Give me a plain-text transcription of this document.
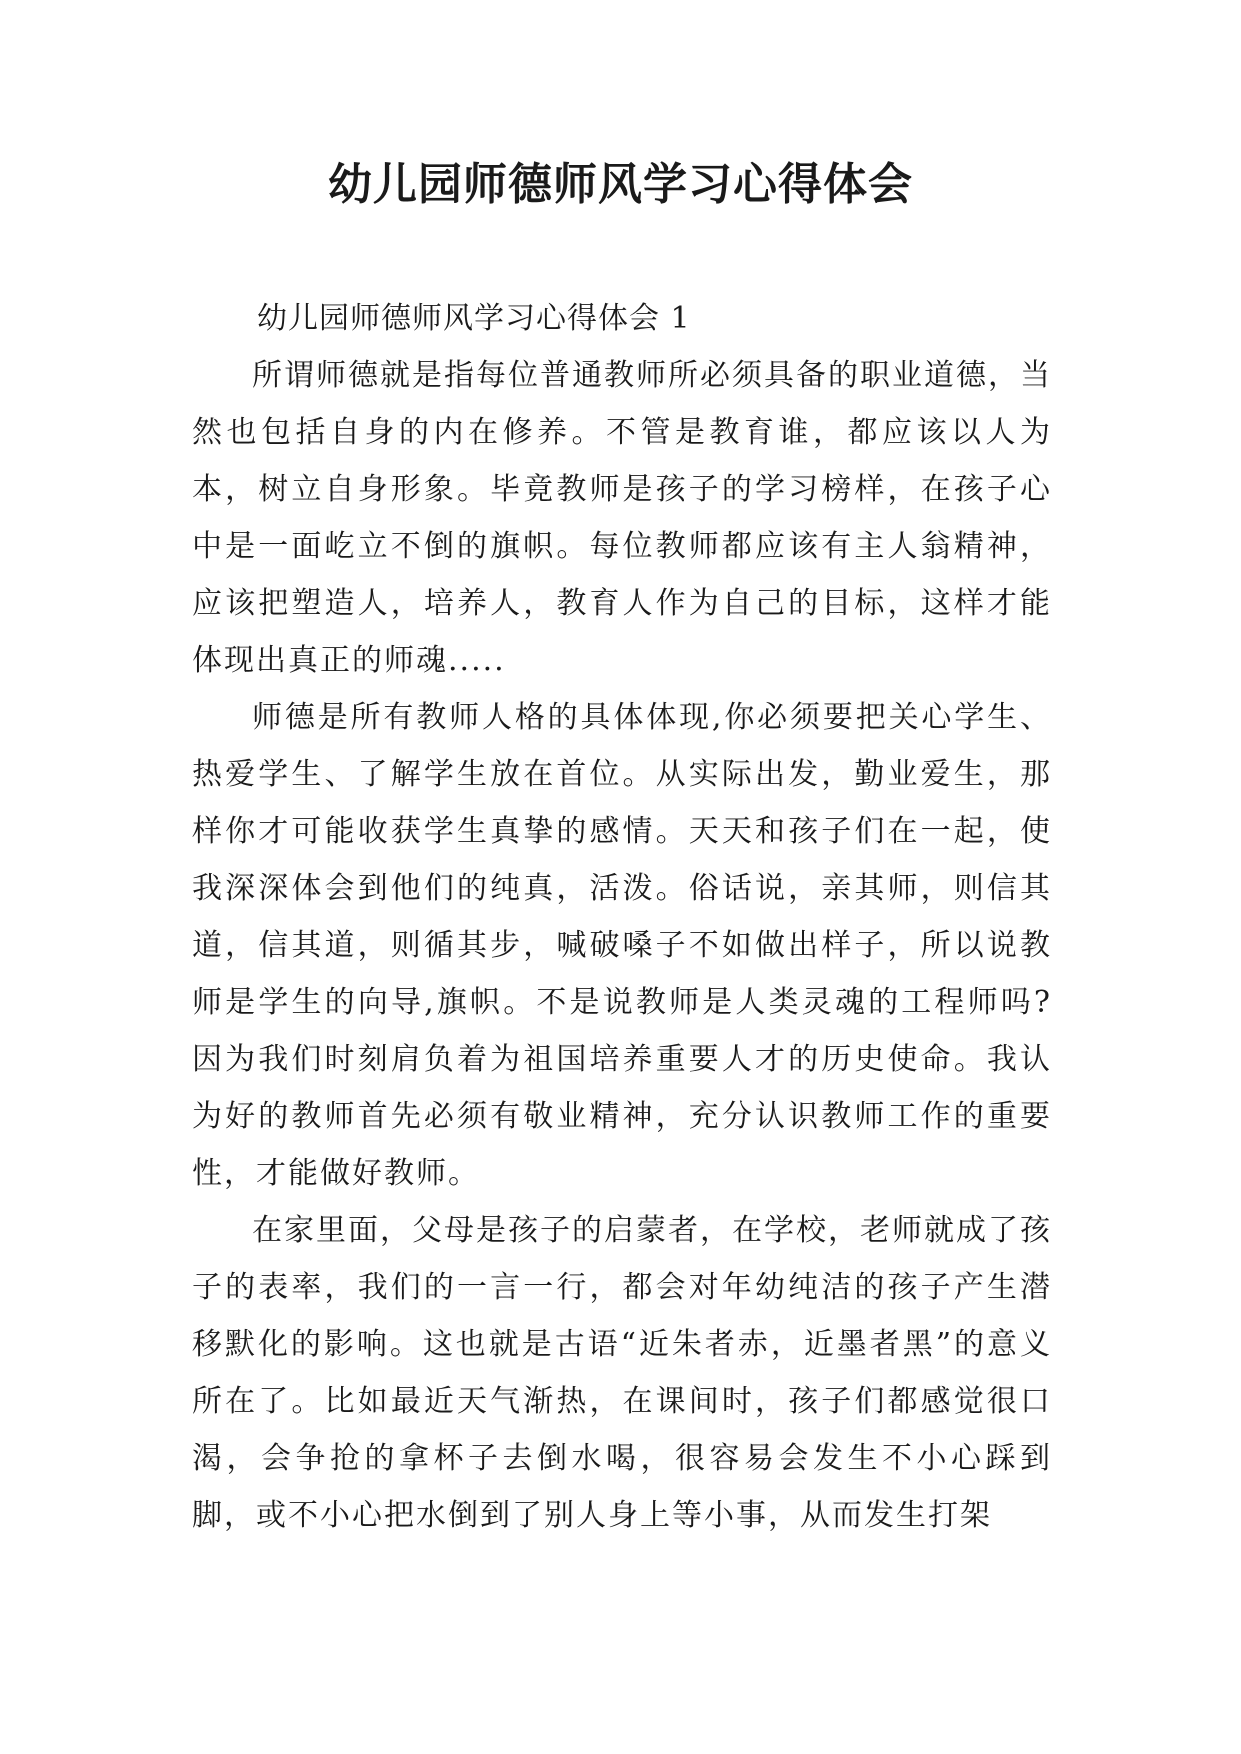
幼儿园师德师风学习心得体会

幼儿园师德师风学习心得体会 1

所谓师德就是指每位普通教师所必须具备的职业道德，当然也包括自身的内在修养。不管是教育谁，都应该以人为本，树立自身形象。毕竟教师是孩子的学习榜样，在孩子心中是一面屹立不倒的旗帜。每位教师都应该有主人翁精神，应该把塑造人，培养人，教育人作为自己的目标，这样才能体现出真正的师魂.....

师德是所有教师人格的具体体现,你必须要把关心学生、热爱学生、了解学生放在首位。从实际出发，勤业爱生，那样你才可能收获学生真挚的感情。天天和孩子们在一起，使我深深体会到他们的纯真，活泼。俗话说，亲其师，则信其道，信其道，则循其步，喊破嗓子不如做出样子，所以说教师是学生的向导,旗帜。不是说教师是人类灵魂的工程师吗?因为我们时刻肩负着为祖国培养重要人才的历史使命。我认为好的教师首先必须有敬业精神，充分认识教师工作的重要性，才能做好教师。

在家里面，父母是孩子的启蒙者，在学校，老师就成了孩子的表率，我们的一言一行，都会对年幼纯洁的孩子产生潜移默化的影响。这也就是古语“近朱者赤，近墨者黑”的意义所在了。比如最近天气渐热，在课间时，孩子们都感觉很口渴，会争抢的拿杯子去倒水喝，很容易会发生不小心踩到脚，或不小心把水倒到了别人身上等小事，从而发生打架
